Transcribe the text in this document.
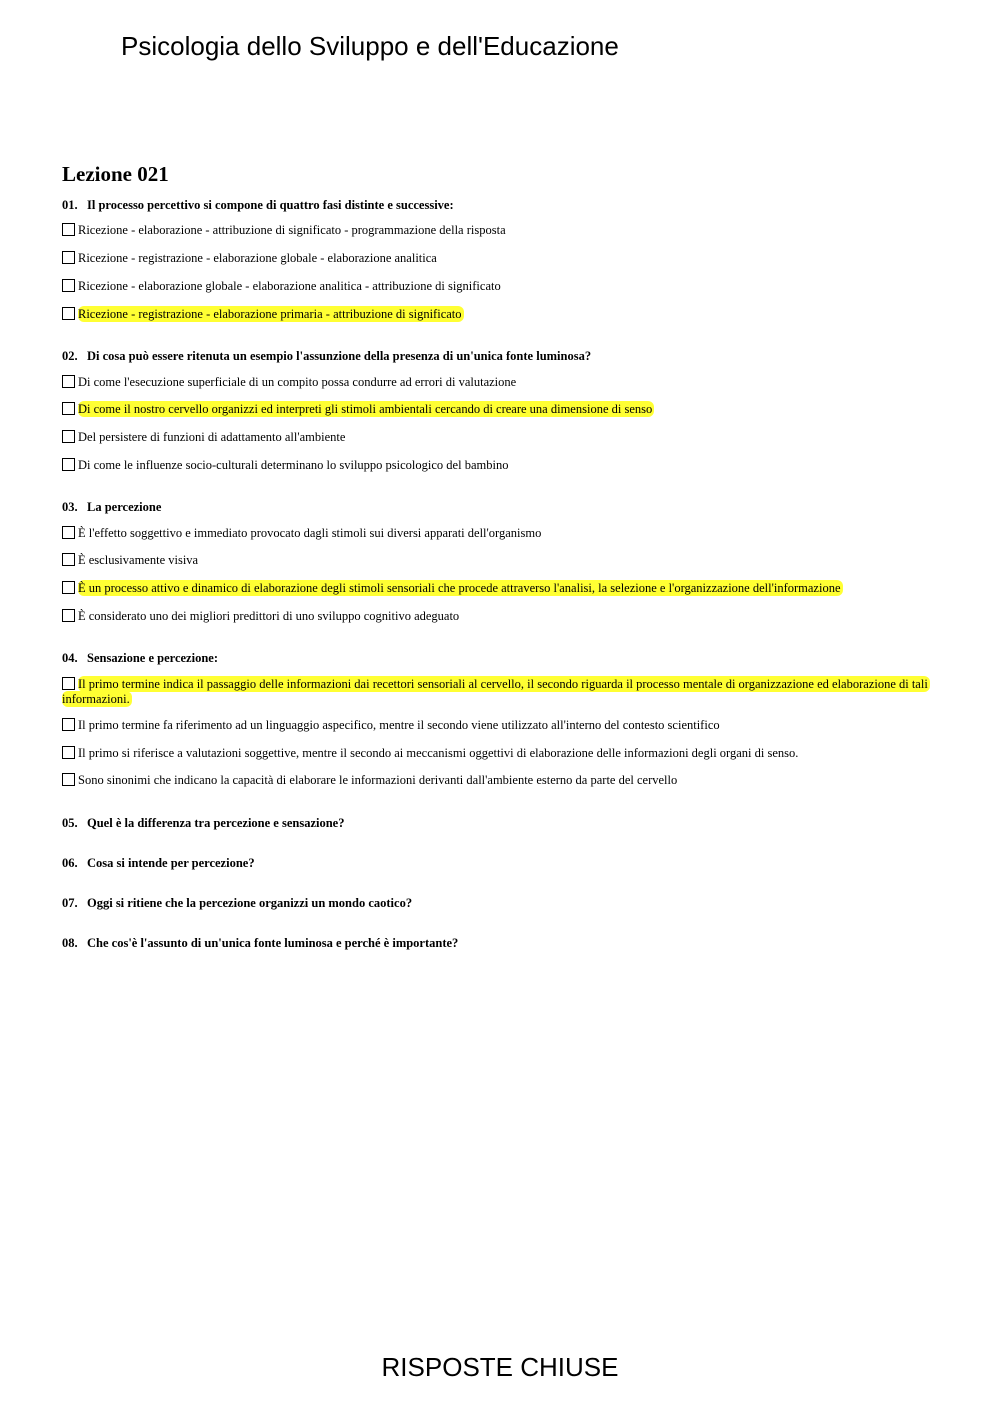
Psicologia dello Sviluppo e dell'Educazione
Lezione 021
01. Il processo percettivo si compone di quattro fasi distinte e successive:
Ricezione - elaborazione - attribuzione di significato - programmazione della risposta
Ricezione - registrazione - elaborazione globale - elaborazione analitica
Ricezione - elaborazione globale - elaborazione analitica - attribuzione di significato
Ricezione - registrazione - elaborazione primaria - attribuzione di significato
02. Di cosa può essere ritenuta un esempio l'assunzione della presenza di un'unica fonte luminosa?
Di come l'esecuzione superficiale di un compito possa condurre ad errori di valutazione
Di come il nostro cervello organizzi ed interpreti gli stimoli ambientali cercando di creare una dimensione di senso
Del persistere di funzioni di adattamento all'ambiente
Di come le influenze socio-culturali determinano lo sviluppo psicologico del bambino
03. La percezione
È l'effetto soggettivo e immediato provocato dagli stimoli sui diversi apparati dell'organismo
È esclusivamente visiva
È un processo attivo e dinamico di elaborazione degli stimoli sensoriali che procede attraverso l'analisi, la selezione e l'organizzazione dell'informazione
È considerato uno dei migliori predittori di uno sviluppo cognitivo adeguato
04. Sensazione e percezione:
Il primo termine indica il passaggio delle informazioni dai recettori sensoriali al cervello, il secondo riguarda il processo mentale di organizzazione ed elaborazione di tali informazioni.
Il primo termine fa riferimento ad un linguaggio aspecifico, mentre il secondo viene utilizzato all'interno del contesto scientifico
Il primo si riferisce a valutazioni soggettive, mentre il secondo ai meccanismi oggettivi di elaborazione delle informazioni degli organi di senso.
Sono sinonimi che indicano la capacità di elaborare le informazioni derivanti dall'ambiente esterno da parte del cervello
05. Quel è la differenza tra percezione e sensazione?
06. Cosa si intende per percezione?
07. Oggi si ritiene che la percezione organizzi un mondo caotico?
08. Che cos'è l'assunto di un'unica fonte luminosa e perché è importante?
RISPOSTE CHIUSE
